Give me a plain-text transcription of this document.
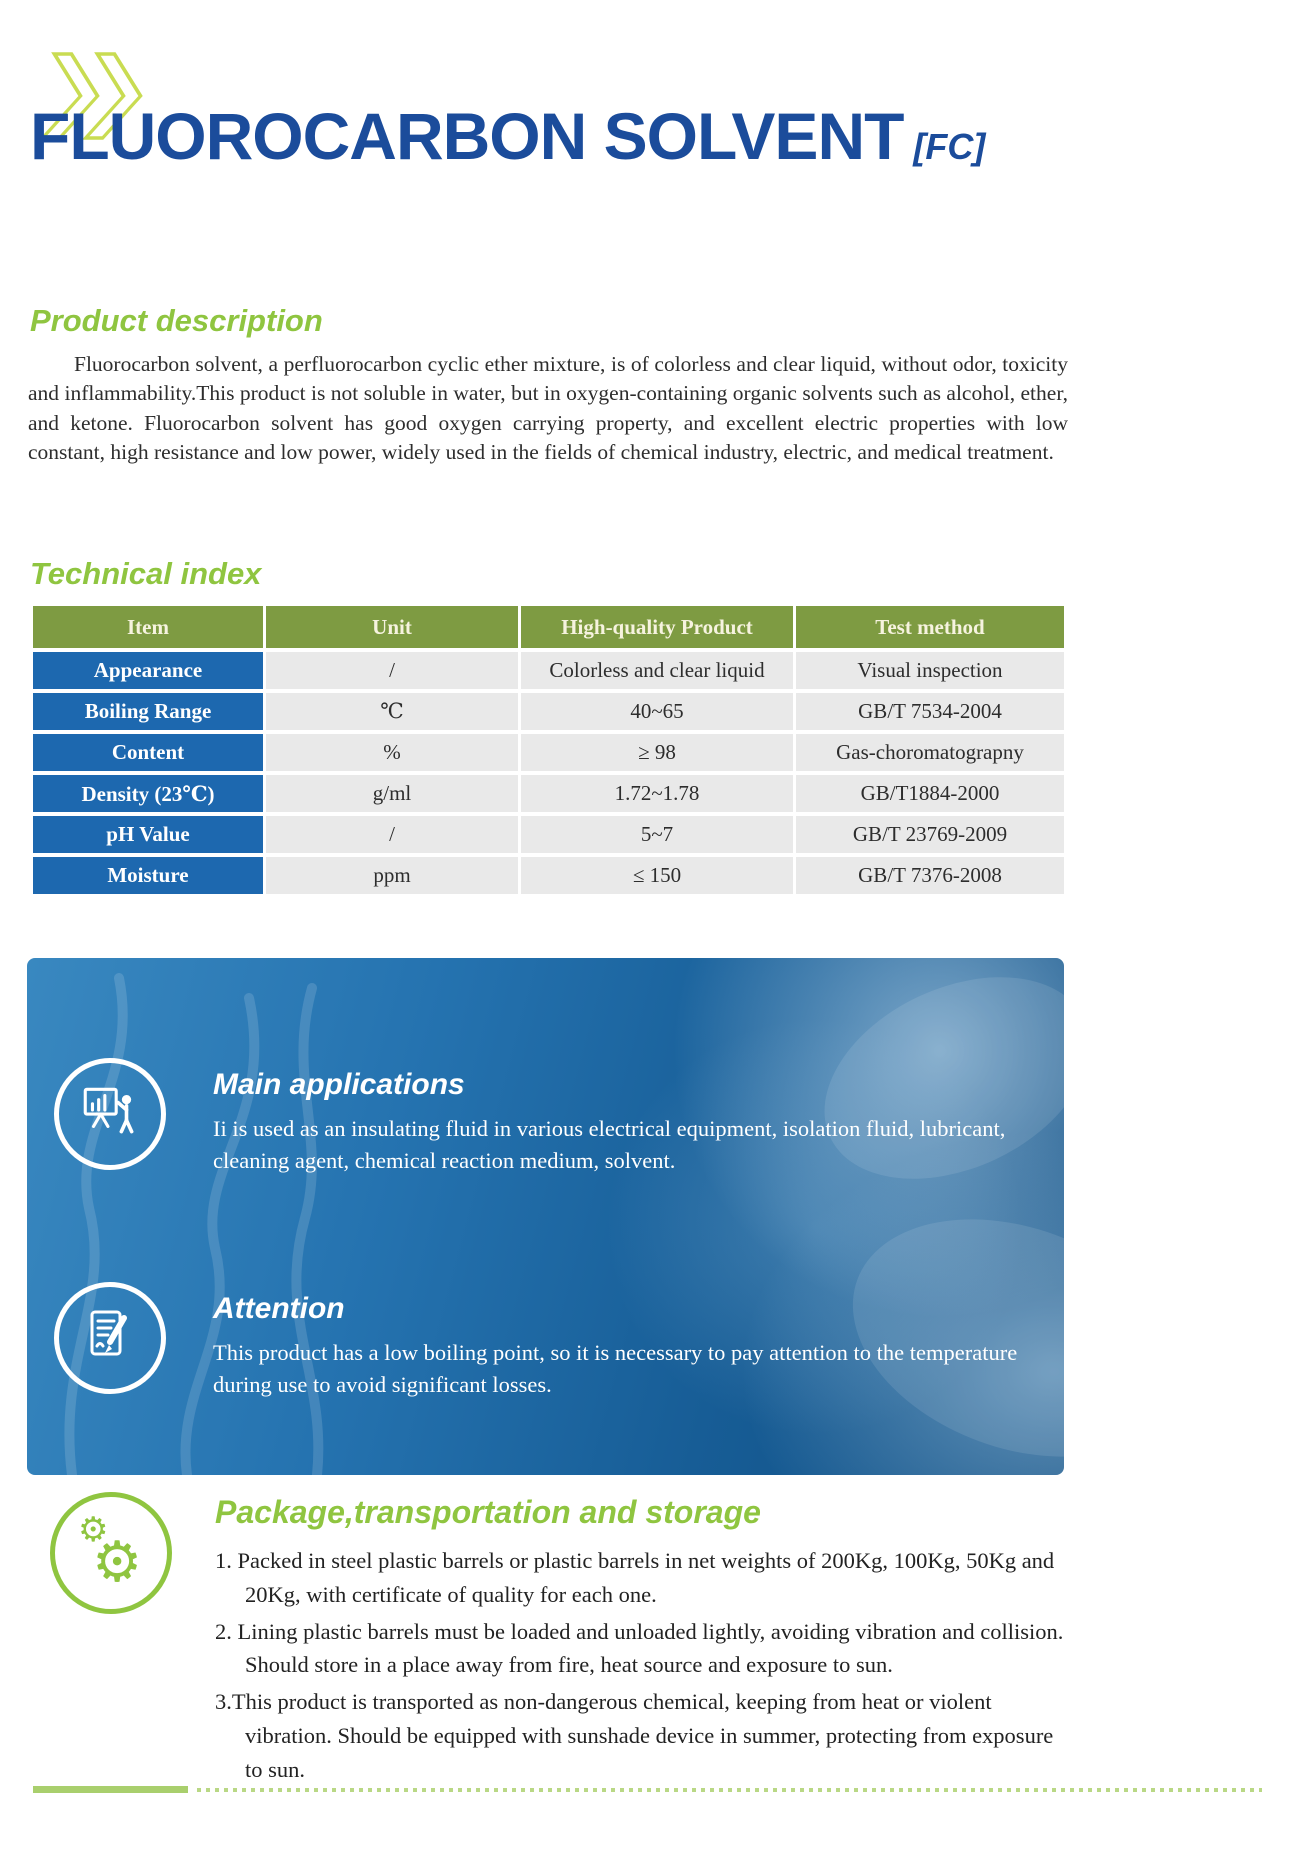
FLUOROCARBON SOLVENT [FC]
Product description
Fluorocarbon solvent, a perfluorocarbon cyclic ether mixture, is of colorless and clear liquid, without odor, toxicity and inflammability.This product is not soluble in water, but in oxygen-containing organic solvents such as alcohol, ether, and ketone. Fluorocarbon solvent has good oxygen carrying property, and excellent electric properties with low constant, high resistance and low power, widely used in the fields of chemical industry, electric, and medical treatment.
Technical index
Item	Unit	High-quality Product	Test method
Appearance	/	Colorless and clear liquid	Visual inspection
Boiling Range	℃	40~65	GB/T 7534-2004
Content	%	≥ 98	Gas-choromatograpny
Density (23℃)	g/ml	1.72~1.78	GB/T1884-2000
pH Value	/	5~7	GB/T 23769-2009
Moisture	ppm	≤ 150	GB/T 7376-2008
Main applications
Ii is used as an insulating fluid in various electrical equipment, isolation fluid, lubricant, cleaning agent, chemical reaction medium, solvent.
Attention
This product has a low boiling point, so it is necessary to pay attention to the temperature during use to avoid significant losses.
⚙
⚙
Package,transportation and storage
1. Packed in steel plastic barrels or plastic barrels in net weights of 200Kg, 100Kg, 50Kg and 20Kg, with certificate of quality for each one.
2. Lining plastic barrels must be loaded and unloaded lightly, avoiding vibration and collision. Should store in a place away from fire, heat source and exposure to sun.
3.This product is transported as non-dangerous chemical, keeping from heat or violent vibration. Should be equipped with sunshade device in summer, protecting from exposure to sun.
